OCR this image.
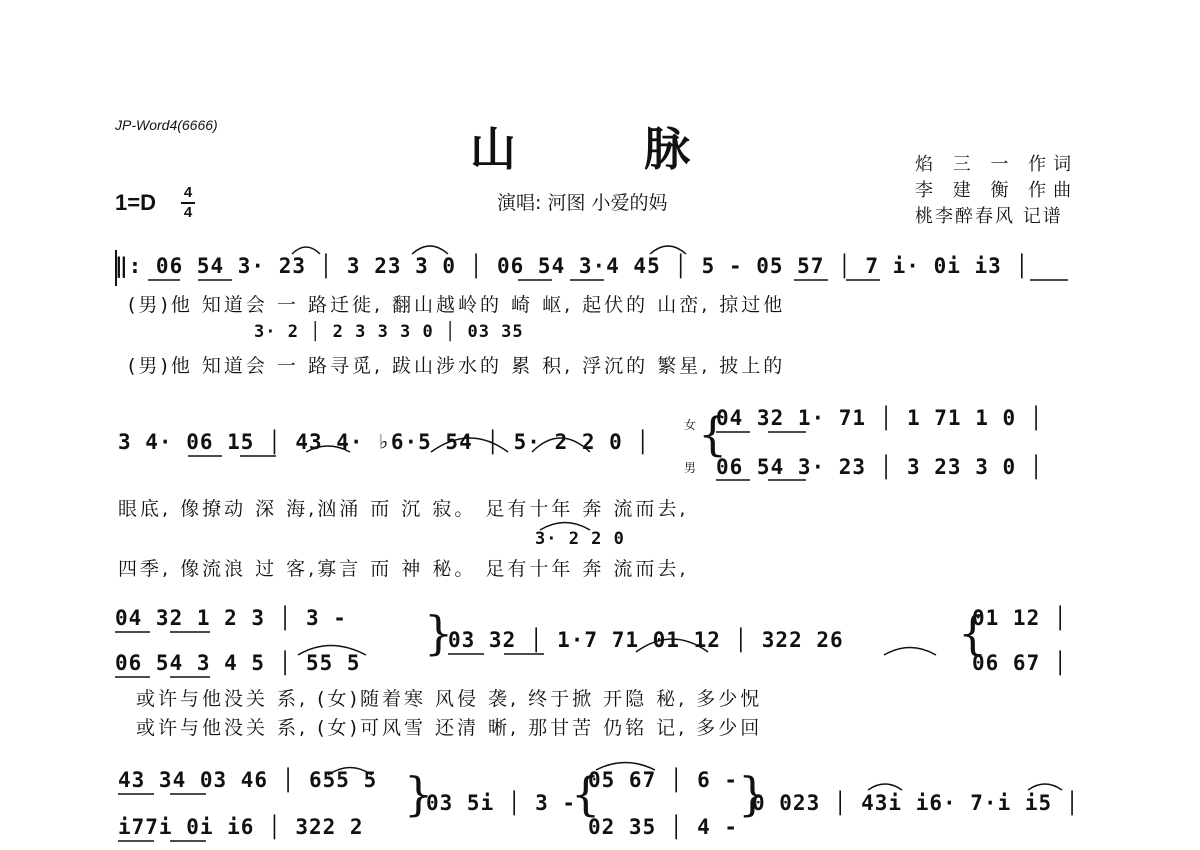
JP-Word4(6666)	山脉
1=D 4
4	演唱: 河图 小爱的妈
焰 三 一 作词
李 建 衡 作曲
桃李醉春风 记谱
‖: 06 54 3· 23 │ 3 23 3 0 │ 06 54 3·4 45 │ 5 - 05 57 │ 7 i· 0i i3 │
(男)他 知道会 一 路迁徙, 翻山越岭的 崎 岖, 起伏的 山峦, 掠过他
3· 2 │ 2 3 3 3 0 │ 03 35
(男)他 知道会 一 路寻觅, 跋山涉水的 累 积, 浮沉的 繁星, 披上的
3 4· 06 15 │ 43 4· ♭6·5 54 │ 5· 2 2 0 │
女 {
04 32 1· 71 │ 1 71 1 0 │
男 06 54 3· 23 │ 3 23 3 0 │
眼底, 像撩动 深 海,汹涌 而 沉 寂。 足有十年 奔 流而去,
3· 2 2 0
四季, 像流浪 过 客,寡言 而 神 秘。 足有十年 奔 流而去,
04 32 1 2 3 │ 3 -
06 54 3 4 5 │ 55 5
}
03 32 │ 1·7 71 01 12 │ 322 26 {
01 12 │
06 67 │
或许与他没关 系, (女)随着寒 风侵 袭, 终于掀 开隐 秘, 多少怳
或许与他没关 系, (女)可风雪 还清 晰, 那甘苦 仍铭 记, 多少回
43 34 03 46 │ 655 5
i77i 0i i6 │ 322 2
}
03 5i │ 3 -
{
05 67 │ 6 -
02 35 │ 4 -
}
0 023 │ 43i i6· 7·i i5 │
